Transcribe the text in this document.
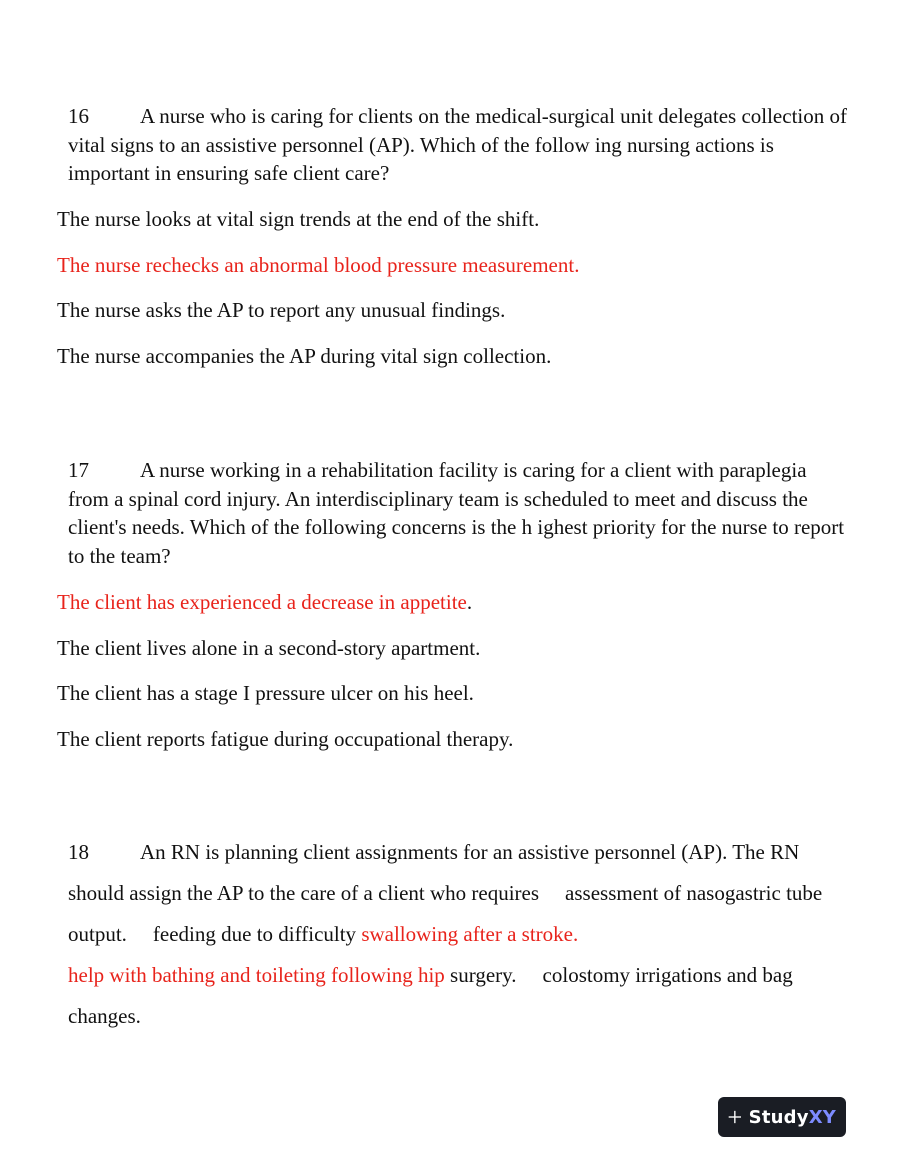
16 A nurse who is caring for clients on the medical-surgical unit delegates collection of vital signs to an assistive personnel (AP). Which of the follow ing nursing actions is important in ensuring safe client care?
The nurse looks at vital sign trends at the end of the shift.
The nurse rechecks an abnormal blood pressure measurement.
The nurse asks the AP to report any unusual findings.
The nurse accompanies the AP during vital sign collection.
17 A nurse working in a rehabilitation facility is caring for a client with paraplegia from a spinal cord injury. An interdisciplinary team is scheduled to meet and discuss the client's needs. Which of the following concerns is the h ighest priority for the nurse to report to the team?
The client has experienced a decrease in appetite.
The client lives alone in a second-story apartment.
The client has a stage I pressure ulcer on his heel.
The client reports fatigue during occupational therapy.
18 An RN is planning client assignments for an assistive personnel (AP). The RN should assign the AP to the care of a client who requires assessment of nasogastric tube output. feeding due to difficulty swallowing after a stroke.
help with bathing and toileting following hip surgery. colostomy irrigations and bag changes.
StudyXY
